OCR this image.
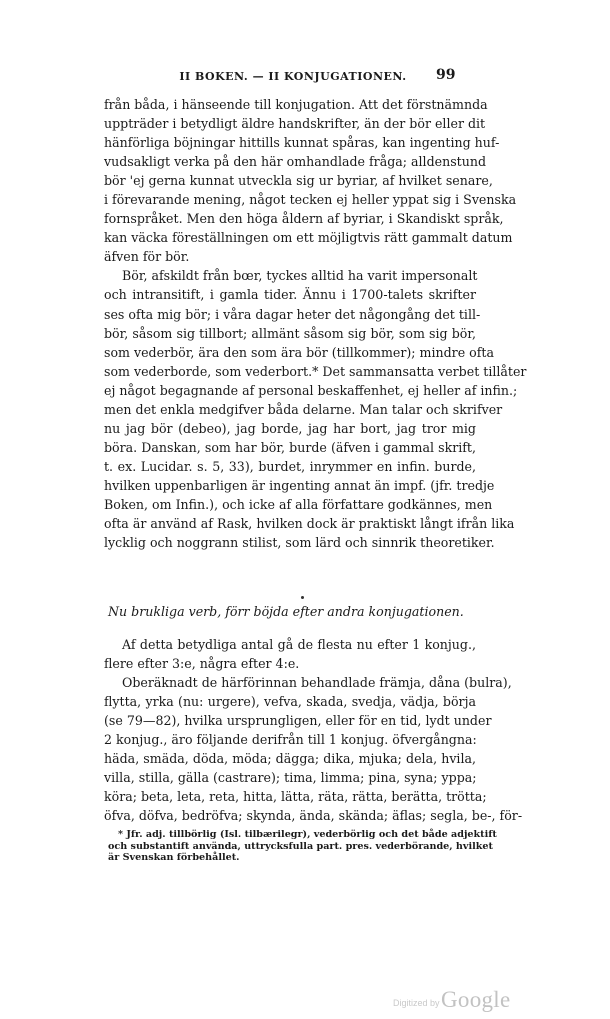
II BOKEN. — II KONJUGATIONEN.	99
från båda, i hänseende till konjugation. Att det förstnämnda
uppträder i betydligt äldre handskrifter, än der bör eller dit
hänförliga böjningar hittills kunnat spåras, kan ingenting huf-
vudsakligt verka på den här omhandlade fråga; alldenstund
bör 'ej gerna kunnat utveckla sig ur byriar, af hvilket senare,
i förevarande mening, något tecken ej heller yppat sig i Svenska
fornspråket. Men den höga åldern af byriar, i Skandiskt språk,
kan väcka föreställningen om ett möjligtvis rätt gammalt datum
äfven för bör.
Bör, afskildt från bœr, tyckes alltid ha varit impersonalt
och intransitift, i gamla tider. Ännu i 1700-talets skrifter
ses ofta mig bör; i våra dagar heter det någongång det till-
bör, såsom sig tillbort; allmänt såsom sig bör, som sig bör,
som vederbör, ära den som ära bör (tillkommer); mindre ofta
som vederborde, som vederbort.* Det sammansatta verbet tillåter
ej något begagnande af personal beskaffenhet, ej heller af infin.;
men det enkla medgifver båda delarne. Man talar och skrifver
nu jag bör (debeo), jag borde, jag har bort, jag tror mig
böra. Danskan, som har bör, burde (äfven i gammal skrift,
t. ex. Lucidar. s. 5, 33), burdet, inrymmer en infin. burde,
hvilken uppenbarligen är ingenting annat än impf. (jfr. tredje
Boken, om Infin.), och icke af alla författare godkännes, men
ofta är använd af Rask, hvilken dock är praktiskt långt ifrån lika
lycklig och noggrann stilist, som lärd och sinnrik theoretiker.
Nu brukliga verb, förr böjda efter andra konjugationen.
Af detta betydliga antal gå de flesta nu efter 1 konjug.,
flere efter 3:e, några efter 4:e.
Oberäknadt de härförinnan behandlade främja, dåna (bulra),
flytta, yrka (nu: urgere), vefva, skada, svedja, vädja, börja
(se 79—82), hvilka ursprungligen, eller för en tid, lydt under
2 konjug., äro följande derifrån till 1 konjug. öfvergångna:
häda, smäda, döda, möda; dägga; dika, mjuka; dela, hvila,
villa, stilla, gälla (castrare); tima, limma; pina, syna; yppa;
köra; beta, leta, reta, hitta, lätta, räta, rätta, berätta, trötta;
öfva, döfva, bedröfva; skynda, ända, skända; äflas; segla, be-, för-
* Jfr. adj. tillbörlig (Isl. tilbærilegr), vederbörlig och det både adjektift
och substantift använda, uttrycksfulla part. pres. vederbörande, hvilket
är Svenskan förbehållet.
Digitized by Google
